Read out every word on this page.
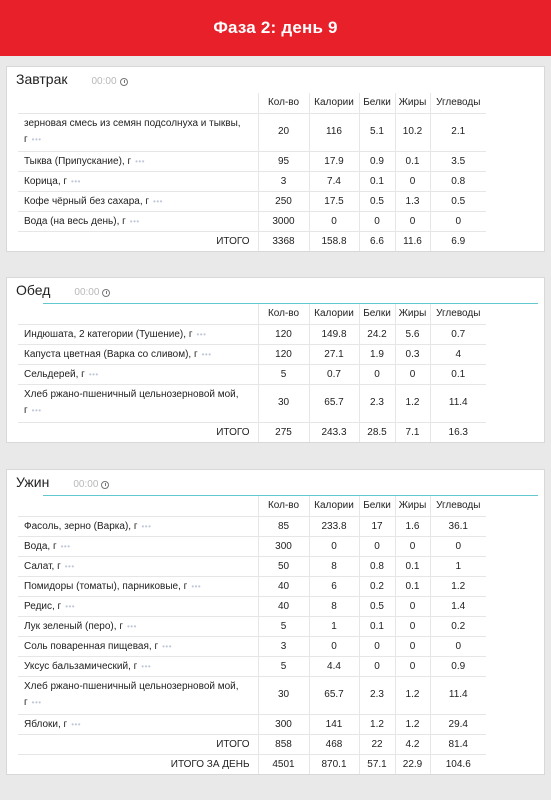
Фаза 2: день 9
Завтрак 00:00
	Кол-во	Калории	Белки	Жиры	Углеводы
зерновая смесь из семян подсолнуха и тыквы, г •••	20	116	5.1	10.2	2.1
Тыква (Припускание), г •••	95	17.9	0.9	0.1	3.5
Корица, г •••	3	7.4	0.1	0	0.8
Кофе чёрный без сахара, г •••	250	17.5	0.5	1.3	0.5
Вода (на весь день), г •••	3000	0	0	0	0
ИТОГО	3368	158.8	6.6	11.6	6.9
Обед 00:00
	Кол-во	Калории	Белки	Жиры	Углеводы
Индюшата, 2 категории (Тушение), г •••	120	149.8	24.2	5.6	0.7
Капуста цветная (Варка со сливом), г •••	120	27.1	1.9	0.3	4
Сельдерей, г •••	5	0.7	0	0	0.1
Хлеб ржано-пшеничный цельнозерновой мой, г •••	30	65.7	2.3	1.2	11.4
ИТОГО	275	243.3	28.5	7.1	16.3
Ужин 00:00
	Кол-во	Калории	Белки	Жиры	Углеводы
Фасоль, зерно (Варка), г •••	85	233.8	17	1.6	36.1
Вода, г •••	300	0	0	0	0
Салат, г •••	50	8	0.8	0.1	1
Помидоры (томаты), парниковые, г •••	40	6	0.2	0.1	1.2
Редис, г •••	40	8	0.5	0	1.4
Лук зеленый (перо), г •••	5	1	0.1	0	0.2
Соль поваренная пищевая, г •••	3	0	0	0	0
Уксус бальзамический, г •••	5	4.4	0	0	0.9
Хлеб ржано-пшеничный цельнозерновой мой, г •••	30	65.7	2.3	1.2	11.4
Яблоки, г •••	300	141	1.2	1.2	29.4
ИТОГО	858	468	22	4.2	81.4
ИТОГО ЗА ДЕНЬ	4501	870.1	57.1	22.9	104.6
